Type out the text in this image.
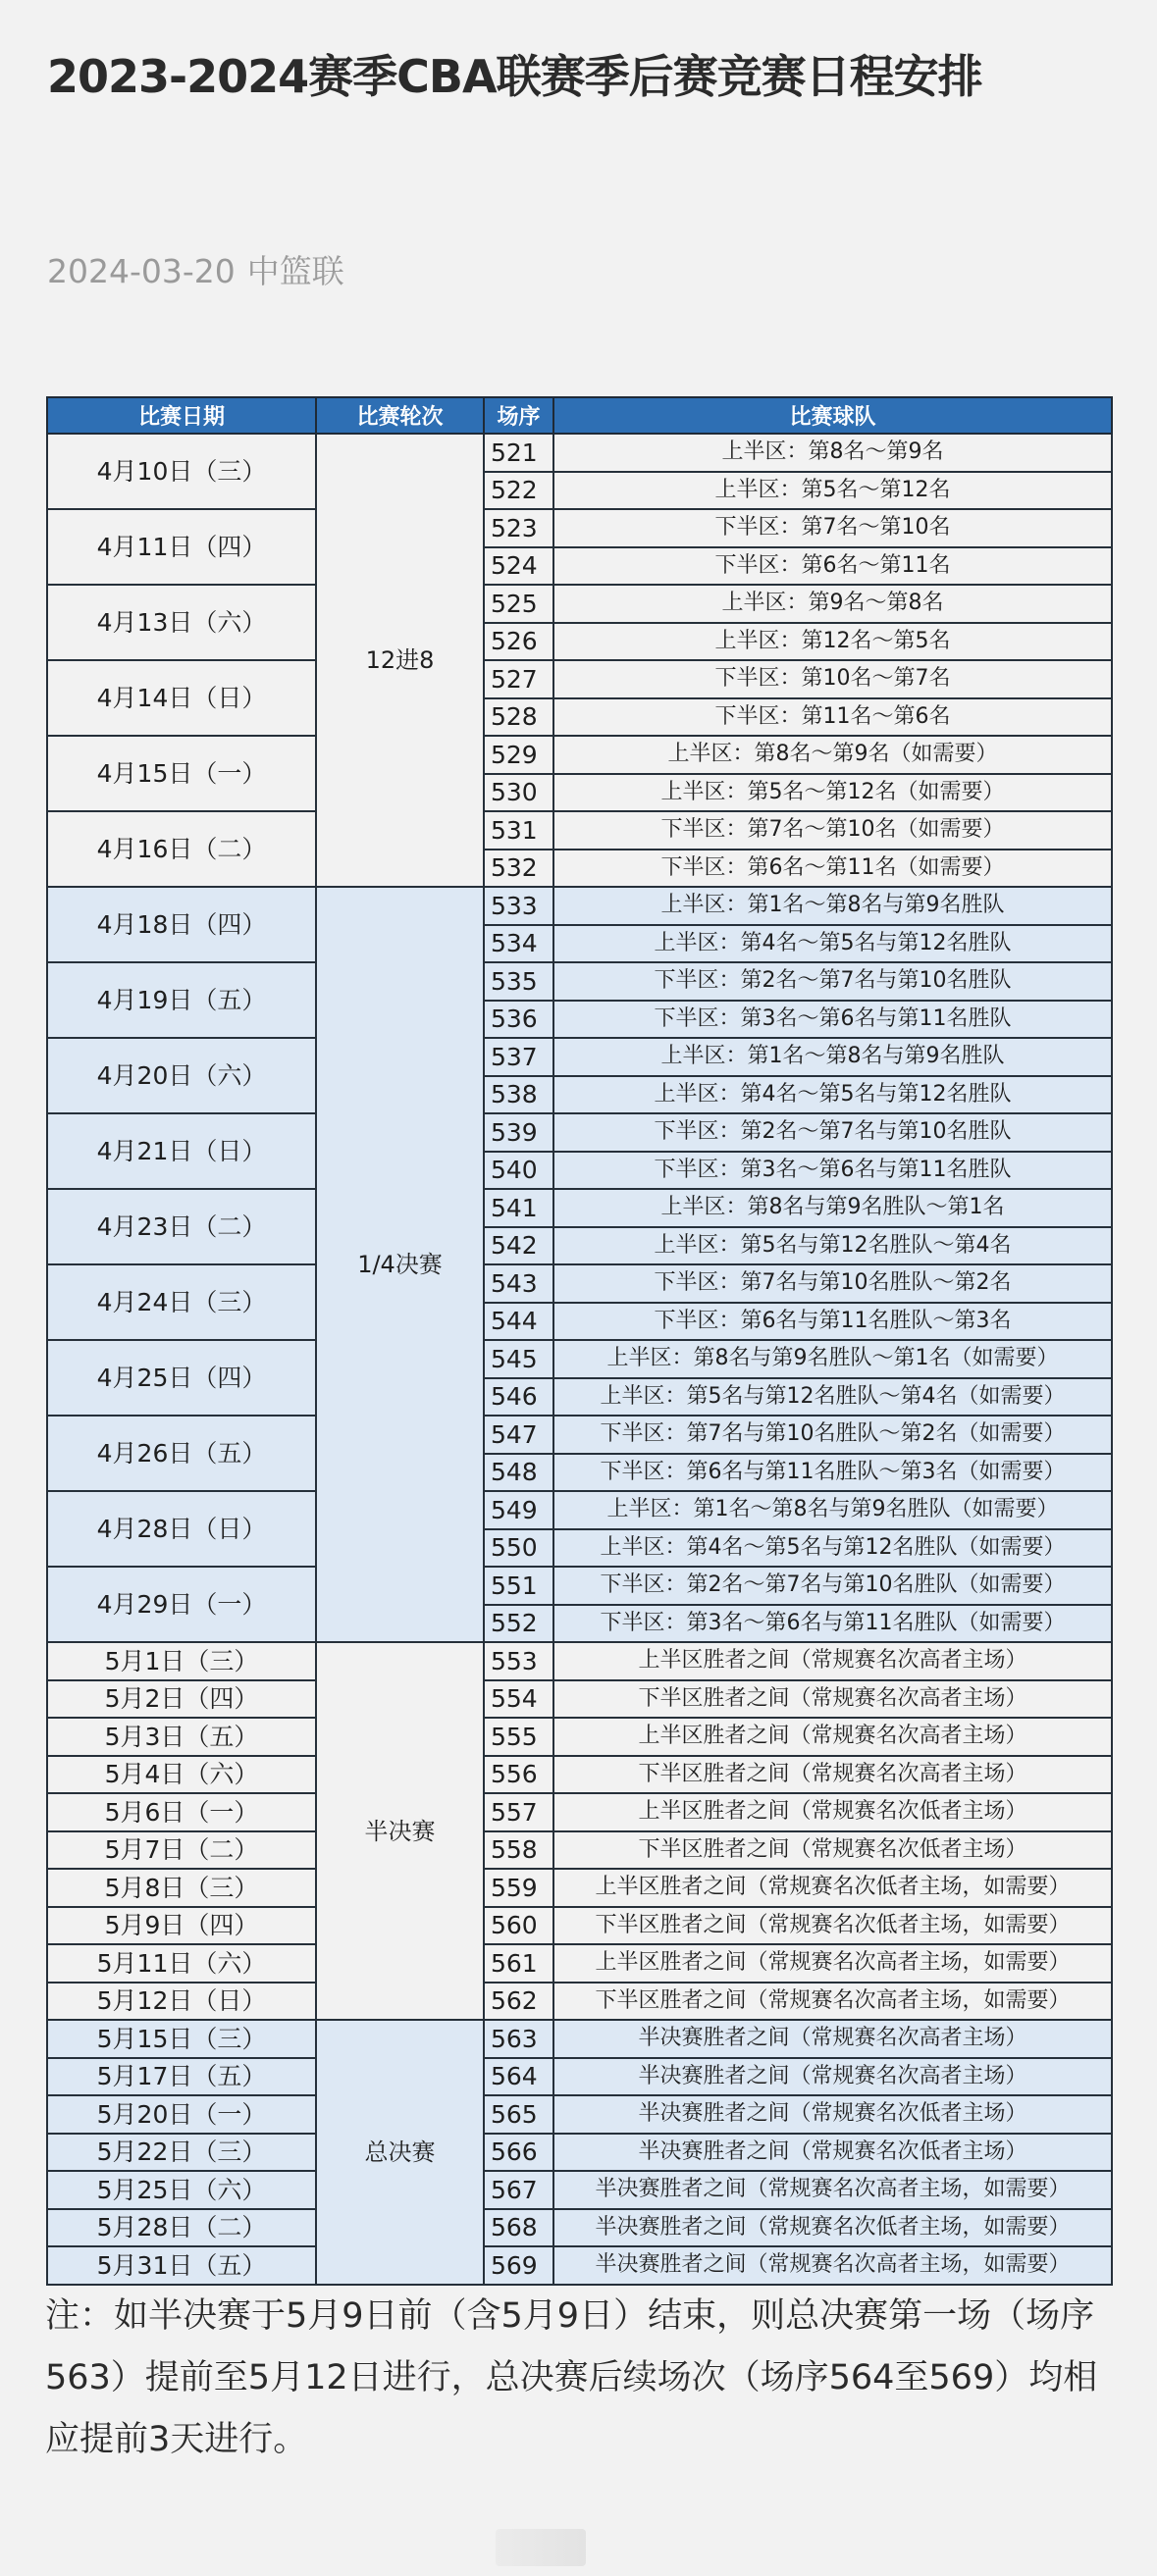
2023-2024赛季CBA联赛季后赛竞赛日程安排
2024-03-20 中篮联
比赛日期	比赛轮次	场序	比赛球队
4月10日（三）	12进8	521	上半区：第8名～第9名
		522	上半区：第5名～第12名
4月11日（四）		523	下半区：第7名～第10名
		524	下半区：第6名～第11名
4月13日（六）		525	上半区：第9名～第8名
		526	上半区：第12名～第5名
4月14日（日）		527	下半区：第10名～第7名
		528	下半区：第11名～第6名
4月15日（一）		529	上半区：第8名～第9名（如需要）
		530	上半区：第5名～第12名（如需要）
4月16日（二）		531	下半区：第7名～第10名（如需要）
		532	下半区：第6名～第11名（如需要）
4月18日（四）	1/4决赛	533	上半区：第1名～第8名与第9名胜队
		534	上半区：第4名～第5名与第12名胜队
4月19日（五）		535	下半区：第2名～第7名与第10名胜队
		536	下半区：第3名～第6名与第11名胜队
4月20日（六）		537	上半区：第1名～第8名与第9名胜队
		538	上半区：第4名～第5名与第12名胜队
4月21日（日）		539	下半区：第2名～第7名与第10名胜队
		540	下半区：第3名～第6名与第11名胜队
4月23日（二）		541	上半区：第8名与第9名胜队～第1名
		542	上半区：第5名与第12名胜队～第4名
4月24日（三）		543	下半区：第7名与第10名胜队～第2名
		544	下半区：第6名与第11名胜队～第3名
4月25日（四）		545	上半区：第8名与第9名胜队～第1名（如需要）
		546	上半区：第5名与第12名胜队～第4名（如需要）
4月26日（五）		547	下半区：第7名与第10名胜队～第2名（如需要）
		548	下半区：第6名与第11名胜队～第3名（如需要）
4月28日（日）		549	上半区：第1名～第8名与第9名胜队（如需要）
		550	上半区：第4名～第5名与第12名胜队（如需要）
4月29日（一）		551	下半区：第2名～第7名与第10名胜队（如需要）
		552	下半区：第3名～第6名与第11名胜队（如需要）
5月1日（三）	半决赛	553	上半区胜者之间（常规赛名次高者主场）
5月2日（四）		554	下半区胜者之间（常规赛名次高者主场）
5月3日（五）		555	上半区胜者之间（常规赛名次高者主场）
5月4日（六）		556	下半区胜者之间（常规赛名次高者主场）
5月6日（一）		557	上半区胜者之间（常规赛名次低者主场）
5月7日（二）		558	下半区胜者之间（常规赛名次低者主场）
5月8日（三）		559	上半区胜者之间（常规赛名次低者主场，如需要）
5月9日（四）		560	下半区胜者之间（常规赛名次低者主场，如需要）
5月11日（六）		561	上半区胜者之间（常规赛名次高者主场，如需要）
5月12日（日）		562	下半区胜者之间（常规赛名次高者主场，如需要）
5月15日（三）	总决赛	563	半决赛胜者之间（常规赛名次高者主场）
5月17日（五）		564	半决赛胜者之间（常规赛名次高者主场）
5月20日（一）		565	半决赛胜者之间（常规赛名次低者主场）
5月22日（三）		566	半决赛胜者之间（常规赛名次低者主场）
5月25日（六）		567	半决赛胜者之间（常规赛名次高者主场，如需要）
5月28日（二）		568	半决赛胜者之间（常规赛名次低者主场，如需要）
5月31日（五）		569	半决赛胜者之间（常规赛名次高者主场，如需要）
注：如半决赛于5月9日前（含5月9日）结束，则总决赛第一场（场序563）提前至5月12日进行，总决赛后续场次（场序564至569）均相应提前3天进行。
